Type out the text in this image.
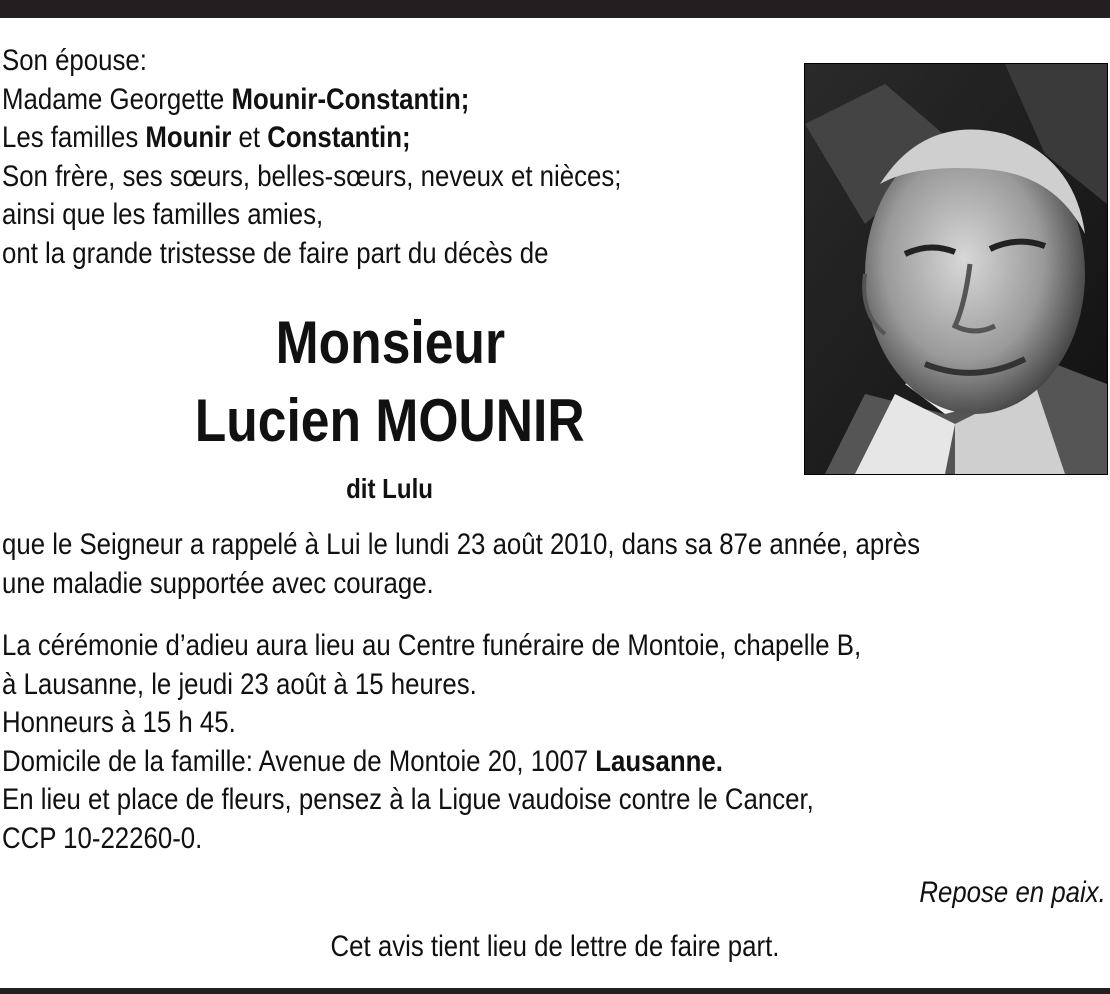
Son épouse:

Madame Georgette Mounir-Constantin;

Les familles Mounir et Constantin;

Son frère, ses sœurs, belles-sœurs, neveux et nièces;

ainsi que les familles amies,

ont la grande tristesse de faire part du décès de

Monsieur
Lucien MOUNIR
dit Lulu

que le Seigneur a rappelé à Lui le lundi 23 août 2010, dans sa 87e année, après

une maladie supportée avec courage.

La cérémonie d’adieu aura lieu au Centre funéraire de Montoie, chapelle B,

à Lausanne, le jeudi 23 août à 15 heures.

Honneurs à 15 h 45.

Domicile de la famille: Avenue de Montoie 20, 1007 Lausanne.

En lieu et place de fleurs, pensez à la Ligue vaudoise contre le Cancer,

CCP 10-22260-0.

Repose en paix.
Cet avis tient lieu de lettre de faire part.
